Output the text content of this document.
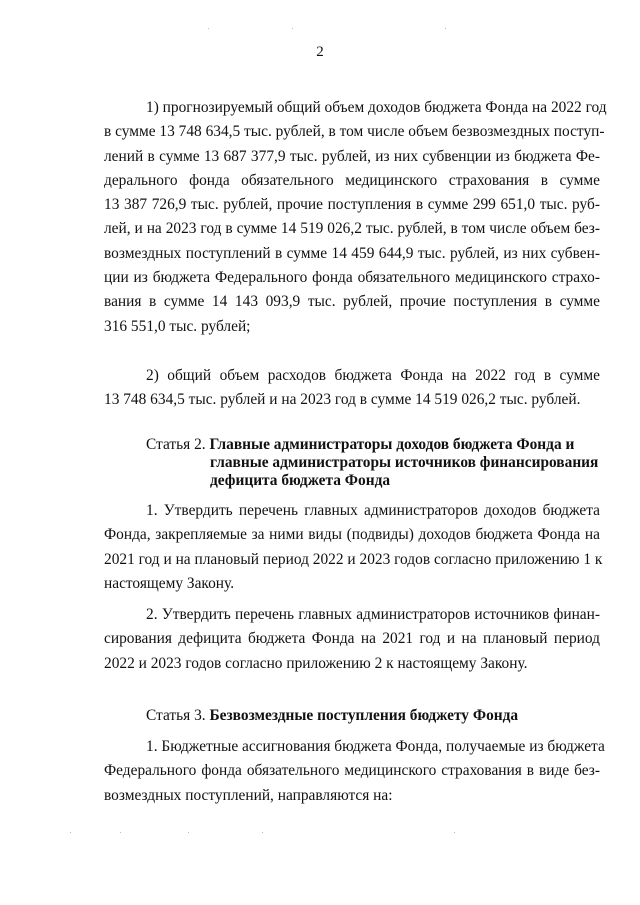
2
1) прогнозируемый общий объем доходов бюджета Фонда на 2022 год
в сумме 13 748 634,5 тыс. рублей, в том числе объем безвозмездных поступ-
лений в сумме 13 687 377,9 тыс. рублей, из них субвенции из бюджета Фе-
дерального фонда обязательного медицинского страхования в сумме
13 387 726,9 тыс. рублей, прочие поступления в сумме 299 651,0 тыс. руб-
лей, и на 2023 год в сумме 14 519 026,2 тыс. рублей, в том числе объем без-
возмездных поступлений в сумме 14 459 644,9 тыс. рублей, из них субвен-
ции из бюджета Федерального фонда обязательного медицинского страхо-
вания в сумме 14 143 093,9 тыс. рублей, прочие поступления в сумме
316 551,0 тыс. рублей;
2) общий объем расходов бюджета Фонда на 2022 год в сумме
13 748 634,5 тыс. рублей и на 2023 год в сумме 14 519 026,2 тыс. рублей.
Статья 2. Главные администраторы доходов бюджета Фонда и
главные администраторы источников финансирования
дефицита бюджета Фонда
1. Утвердить перечень главных администраторов доходов бюджета
Фонда, закрепляемые за ними виды (подвиды) доходов бюджета Фонда на
2021 год и на плановый период 2022 и 2023 годов согласно приложению 1 к
настоящему Закону.
2. Утвердить перечень главных администраторов источников финан-
сирования дефицита бюджета Фонда на 2021 год и на плановый период
2022 и 2023 годов согласно приложению 2 к настоящему Закону.
Статья 3. Безвозмездные поступления бюджету Фонда
1. Бюджетные ассигнования бюджета Фонда, получаемые из бюджета
Федерального фонда обязательного медицинского страхования в виде без-
возмездных поступлений, направляются на:
